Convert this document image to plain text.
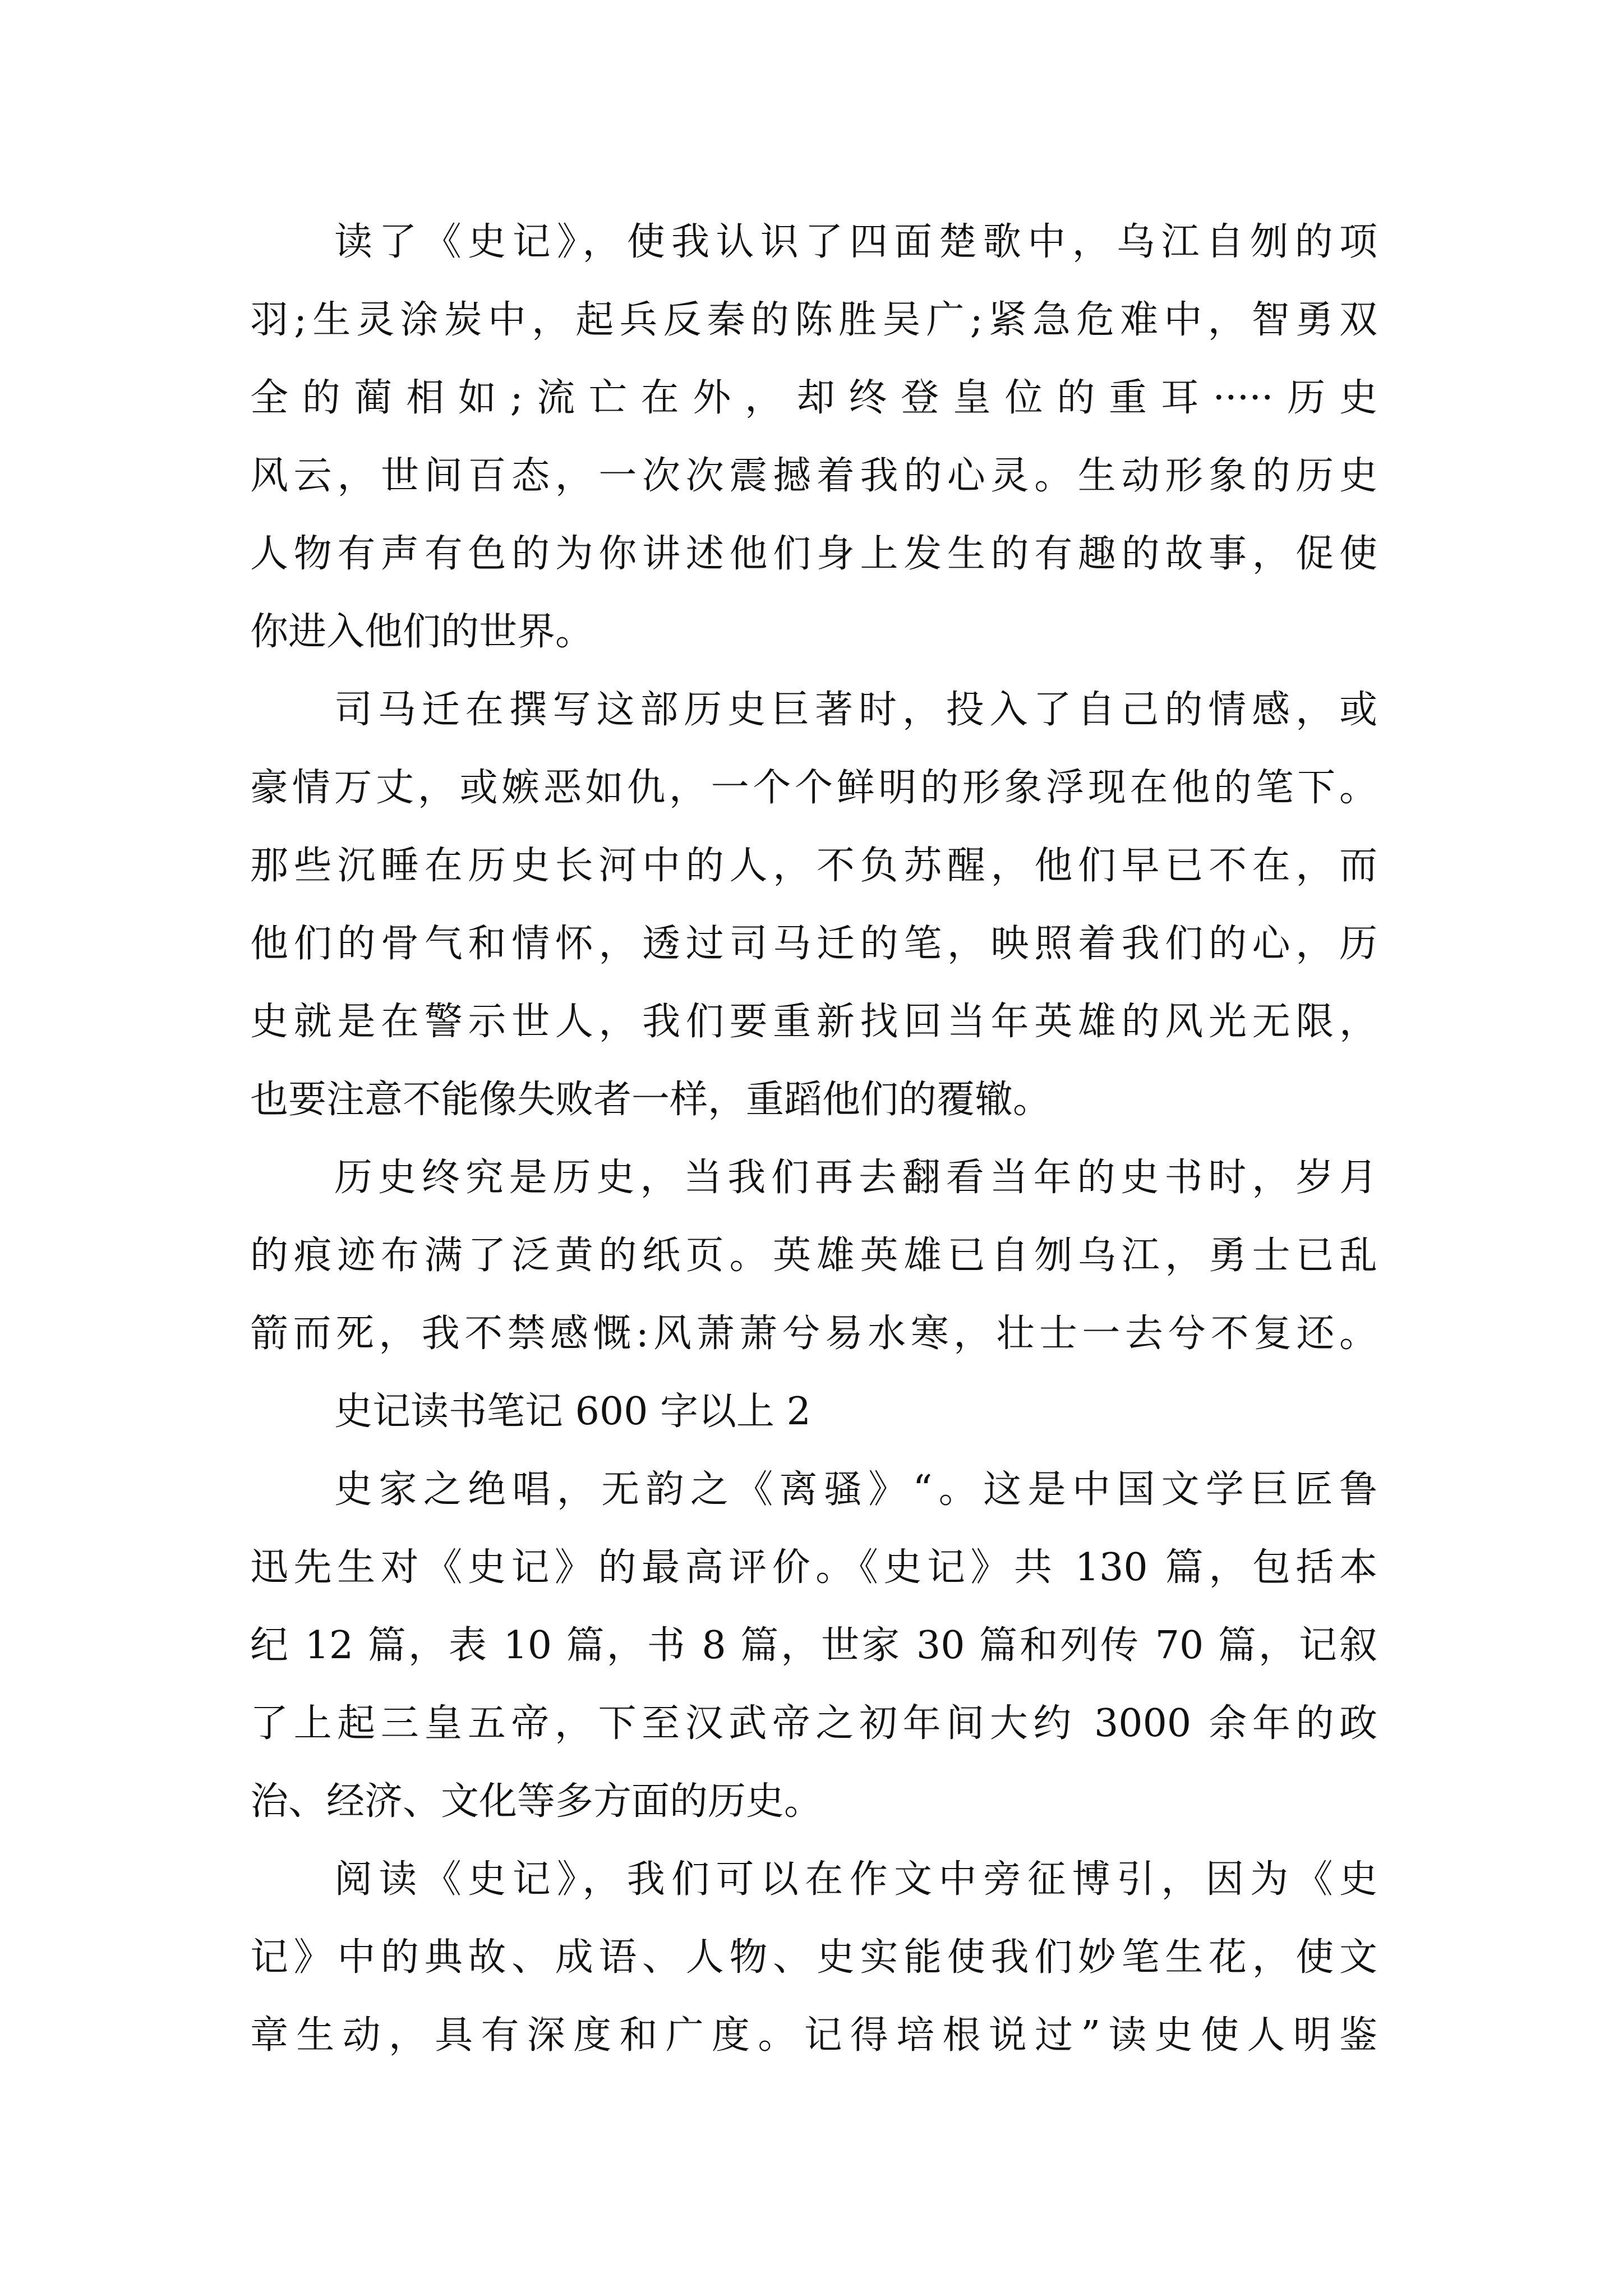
读了《史记》，使我认识了四面楚歌中，乌江自刎的项
羽;生灵涂炭中，起兵反秦的陈胜吴广;紧急危难中，智勇双
全的蔺相如;流亡在外，却终登皇位的重耳·····历史
风云，世间百态，一次次震撼着我的心灵。生动形象的历史
人物有声有色的为你讲述他们身上发生的有趣的故事，促使
你进入他们的世界。
司马迁在撰写这部历史巨著时，投入了自己的情感，或
豪情万丈，或嫉恶如仇，一个个鲜明的形象浮现在他的笔下。
那些沉睡在历史长河中的人，不负苏醒，他们早已不在，而
他们的骨气和情怀，透过司马迁的笔，映照着我们的心，历
史就是在警示世人，我们要重新找回当年英雄的风光无限，
也要注意不能像失败者一样，重蹈他们的覆辙。
历史终究是历史，当我们再去翻看当年的史书时，岁月
的痕迹布满了泛黄的纸页。英雄英雄已自刎乌江，勇士已乱
箭而死，我不禁感慨:风萧萧兮易水寒，壮士一去兮不复还。
史记读书笔记 600 字以上 2
史家之绝唱，无韵之《离骚》“。这是中国文学巨匠鲁
迅先生对《史记》的最高评价。《史记》共 130 篇，包括本
纪 12 篇，表 10 篇，书 8 篇，世家 30 篇和列传 70 篇，记叙
了上起三皇五帝，下至汉武帝之初年间大约 3000 余年的政
治、经济、文化等多方面的历史。
阅读《史记》，我们可以在作文中旁征博引，因为《史
记》中的典故、成语、人物、史实能使我们妙笔生花，使文
章生动，具有深度和广度。记得培根说过”读史使人明鉴
